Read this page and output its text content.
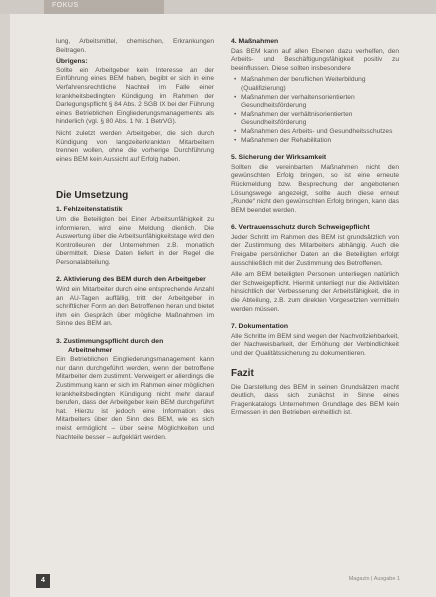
FOKUS

lung, Arbeitsmittel, chemischen, Erkrankungen Beitragen.

Übrigens:

Sollte ein Arbeitgeber kein Interesse an der Einführung eines BEM haben, begibt er sich in eine Verfahrensrechtliche Nachteil im Falle einer krankheitsbedingten Kündigung im Rahmen der Darlegungspflicht § 84 Abs. 2 SGB IX bei der Führung eines Betrieblichen Eingliederungsmanagements als hinderlich (vgl. § 80 Abs. 1 Nr. 1 BetrVG).

Nicht zuletzt werden Arbeitgeber, die sich durch Kündigung von langzeiterkrankten Mitarbeitern trennen wollen, ohne die vorherige Durchführung eines BEM kein Aussicht auf Erfolg haben.

Die Umsetzung

1. Fehlzeitenstatistik

Um die Beteiligten bei Einer Arbeitsunfähigkeit zu informieren, wird eine Meldung dienlich. Die Auswertung über die Arbeitsunfähigkeitstage wird den Kontrolleuren der Unternehmen z.B. monatlich übermittelt. Diese Daten liefert in der Regel die Personalabteilung.

2. Aktivierung des BEM durch den Arbeitgeber

Wird ein Mitarbeiter durch eine entsprechende Anzahl an AU-Tagen auffällig, tritt der Arbeitgeber in schriftlicher Form an den Betroffenen heran und bietet ihm ein Gespräch über mögliche Maßnahmen im Sinne des BEM an.

3. Zustimmungspflicht durch den

Arbeitnehmer

Ein Betrieblichen Eingliederungsmanagement kann nur dann durchgeführt werden, wenn der betroffene Mitarbeiter dem zustimmt. Verweigert er allerdings die Zustimmung kann er sich im Rahmen einer möglichen krankheitsbedingten Kündigung nicht mehr darauf berufen, dass der Arbeitgeber kein BEM durchgeführt hat. Hierzu ist jedoch eine Information des Mitarbeiters über den Sinn des BEM, wie es sich meist ermöglicht – über seine Möglichkeiten und Nachteile besser – aufgeklärt werden.

4. Maßnahmen

Das BEM kann auf allen Ebenen dazu verhelfen, den Arbeits- und Beschäftigungsfähigkeit positiv zu beeinflussen. Diese sollten insbesondere

• Maßnahmen der beruflichen Weiterbildung (Qualifizierung)
• Maßnahmen der verhaltensorientierten Gesundheitsförderung
• Maßnahmen der verhältnisorientierten Gesundheitsförderung
• Maßnahmen des Arbeits- und Gesundheitsschutzes
• Maßnahmen der Rehabilitation

5. Sicherung der Wirksamkeit

Sollten die vereinbarten Maßnahmen nicht den gewünschten Erfolg bringen, so ist eine erneute Rückmeldung bzw. Besprechung der angebotenen Lösungswege angezeigt, sollte auch diese erneut „Runde“ nicht den gewünschten Erfolg bringen, kann das BEM beendet werden.

6. Vertrauensschutz durch Schweigepflicht

Jeder Schritt im Rahmen des BEM ist grundsätzlich von der Zustimmung des Mitarbeiters abhängig. Auch die Freigabe persönlicher Daten an die Beteiligten erfolgt ausschließlich mit der Zustimmung des Betroffenen.

Alle am BEM beteiligten Personen unterliegen natürlich der Schweigepflicht. Hiermit unterliegt nur die Aktivitäten hinsichtlich der Verbesserung der Arbeitsfähigkeit, die in die Abteilung, z.B. zum direkten Vorgesetzten vermitteln werden müssen.

7. Dokumentation

Alle Schritte im BEM sind wegen der Nachvollziehbarkeit, der Nachweisbarkeit, der Erhöhung der Verbindlichkeit und der Qualitätssicherung zu dokumentieren.

Fazit

Die Darstellung des BEM in seinen Grundsätzen macht deutlich, dass sich zunächst in Sinne eines Fragenkatalogs Unternehmen Grundlage des BEM kein Ermessen in den Betrieben einheitlich ist.

4	Magazin | Ausgabe 1
